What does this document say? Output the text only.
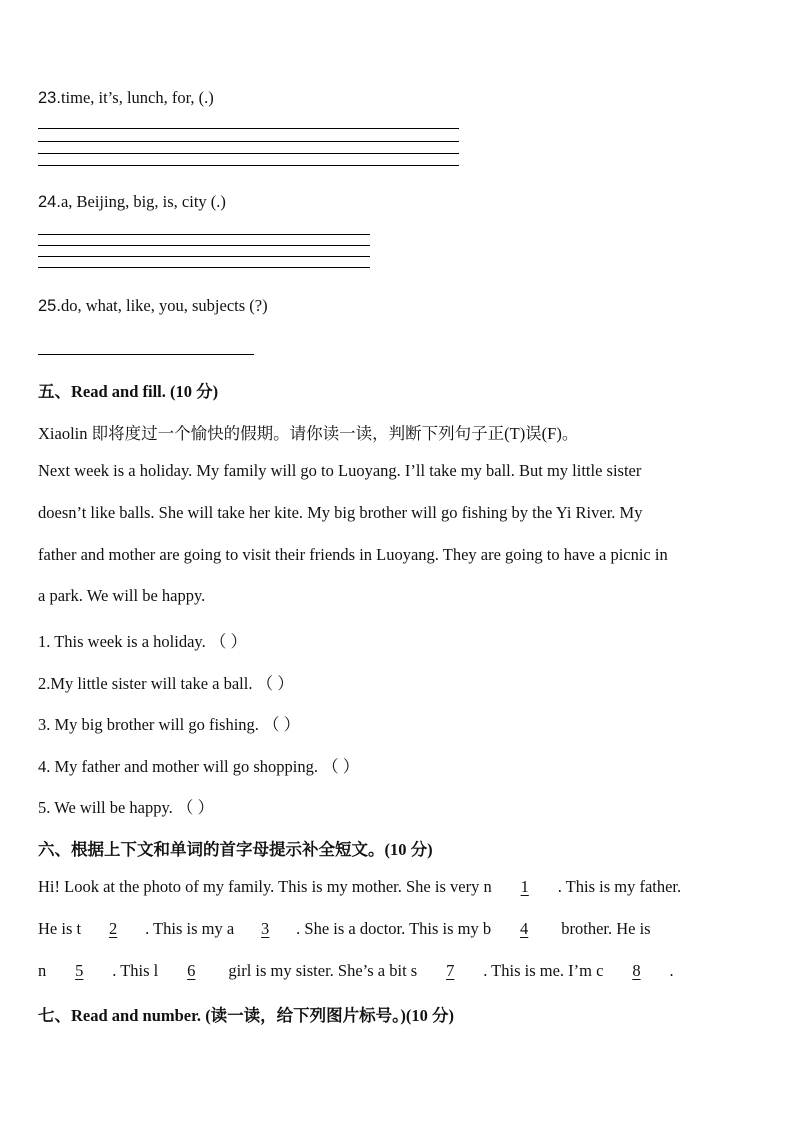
23.time, it’s, lunch, for, (.)
24.a, Beijing, big, is, city (.)
25.do, what, like, you, subjects (?)
五、Read and fill. (10 分)
Xiaolin 即将度过一个愉快的假期。请你读一读，判断下列句子正(T)误(F)。
Next week is a holiday. My family will go to Luoyang. I’ll take my ball. But my little sister
doesn’t like balls. She will take her kite. My big brother will go fishing by the Yi River. My
father and mother are going to visit their friends in Luoyang. They are going to have a picnic in
a park. We will be happy.
1. This week is a holiday. （ ）
2.My little sister will take a ball. （ ）
3. My big brother will go fishing. （ ）
4. My father and mother will go shopping. （ ）
5. We will be happy. （ ）
六、根据上下文和单词的首字母提示补全短文。(10 分)
Hi! Look at the photo of my family. This is my mother. She is very n 1 . This is my father.
He is t 2 . This is my a 3 . She is a doctor. This is my b 4 brother. He is
n 5 . This l 6 girl is my sister. She’s a bit s 7 . This is me. I’m c 8 .
七、Read and number. (读一读，给下列图片标号。)(10 分)
